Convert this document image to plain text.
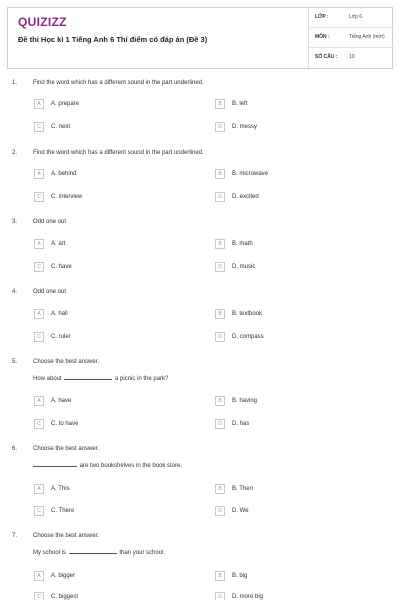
QUIZIZZ
Đề thi Học kì 1 Tiếng Anh 6 Thí điểm có đáp án (Đề 3)
LỚP :	Lớp 6
MÔN :	Tiếng Anh (mới)
SỐ CÂU : 10
1.	Find the word which has a different sound in the part underlined.
A	A. prepare	B	B. left
C	C. next	D	D. messy
2.	Find the word which has a different sound in the part underlined.
A	A. behind	B	B. microwave
C	C. interview	D	D. excited
3.	Odd one out
A	A. art	B	B. math
C	C. have	D	D. music
4.	Odd one out
A	A. hall	B	B. textbook
C	C. ruler	D	D. compass
5.	Choose the best answer.
How about	a picnic in the park?
A	A. have	B	B. having
C	C. to have	D	D. has
6.	Choose the best answer.
are two bookshelves in the book store.
A	A. This	B	B. Then
C	C. There	D	D. We
7.	Choose the best answer.
My school is	than your school.
A	A. bigger	B	B. big
C	C. biggest	D	D. more big
